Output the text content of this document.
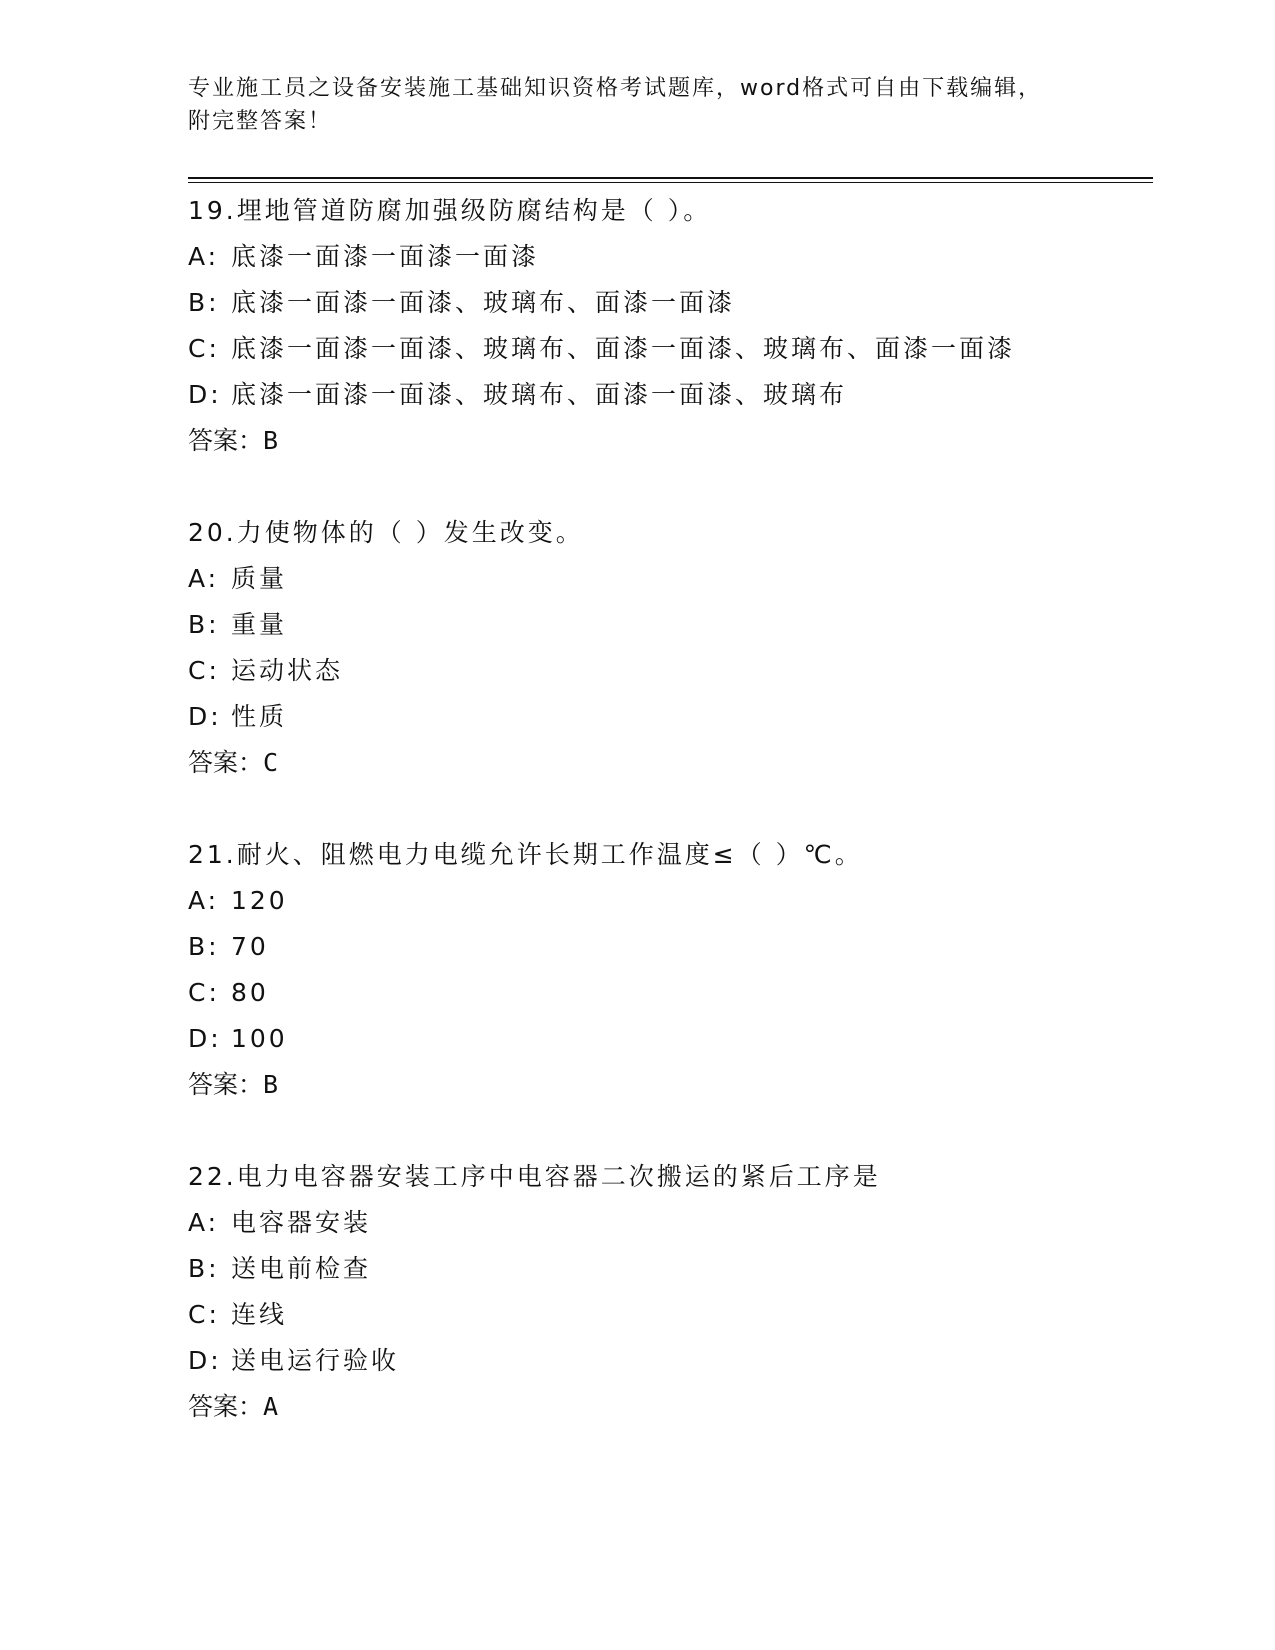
专业施工员之设备安装施工基础知识资格考试题库，word格式可自由下载编辑，
附完整答案！
19.埋地管道防腐加强级防腐结构是（ ）。
A: 底漆一面漆一面漆一面漆
B: 底漆一面漆一面漆、玻璃布、面漆一面漆
C: 底漆一面漆一面漆、玻璃布、面漆一面漆、玻璃布、面漆一面漆
D: 底漆一面漆一面漆、玻璃布、面漆一面漆、玻璃布
答案：B
20.力使物体的（ ）发生改变。
A: 质量
B: 重量
C: 运动状态
D: 性质
答案：C
21.耐火、阻燃电力电缆允许长期工作温度≤（ ）℃。
A: 120
B: 70
C: 80
D: 100
答案：B
22.电力电容器安装工序中电容器二次搬运的紧后工序是
A: 电容器安装
B: 送电前检查
C: 连线
D: 送电运行验收
答案：A
